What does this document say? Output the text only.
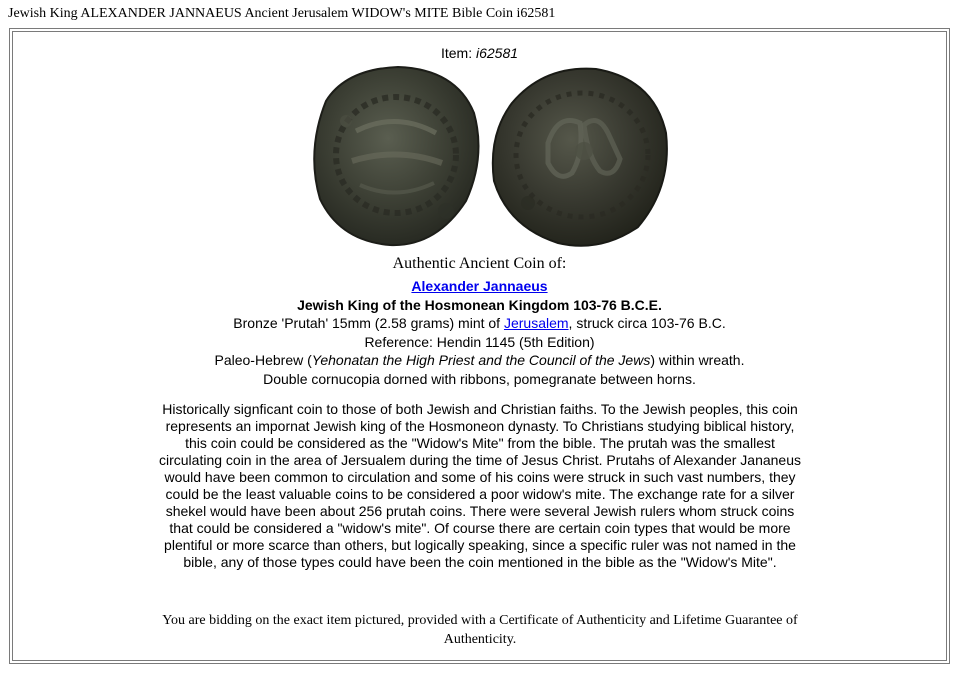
Jewish King ALEXANDER JANNAEUS Ancient Jerusalem WIDOW's MITE Bible Coin i62581
Item: i62581
Authentic Ancient Coin of:
Alexander Jannaeus
Jewish King of the Hosmonean Kingdom 103-76 B.C.E.
Bronze 'Prutah' 15mm (2.58 grams) mint of Jerusalem, struck circa 103-76 B.C.
Reference: Hendin 1145 (5th Edition)
Paleo-Hebrew (Yehonatan the High Priest and the Council of the Jews) within wreath.
Double cornucopia dorned with ribbons, pomegranate between horns.
Historically signficant coin to those of both Jewish and Christian faiths. To the Jewish peoples, this coin represents an impornat Jewish king of the Hosmoneon dynasty. To Christians studying biblical history, this coin could be considered as the "Widow's Mite" from the bible. The prutah was the smallest circulating coin in the area of Jersualem during the time of Jesus Christ. Prutahs of Alexander Jananeus would have been common to circulation and some of his coins were struck in such vast numbers, they could be the least valuable coins to be considered a poor widow's mite. The exchange rate for a silver shekel would have been about 256 prutah coins. There were several Jewish rulers whom struck coins that could be considered a "widow's mite". Of course there are certain coin types that would be more plentiful or more scarce than others, but logically speaking, since a specific ruler was not named in the bible, any of those types could have been the coin mentioned in the bible as the "Widow's Mite".
You are bidding on the exact item pictured, provided with a Certificate of Authenticity and Lifetime Guarantee of Authenticity.
